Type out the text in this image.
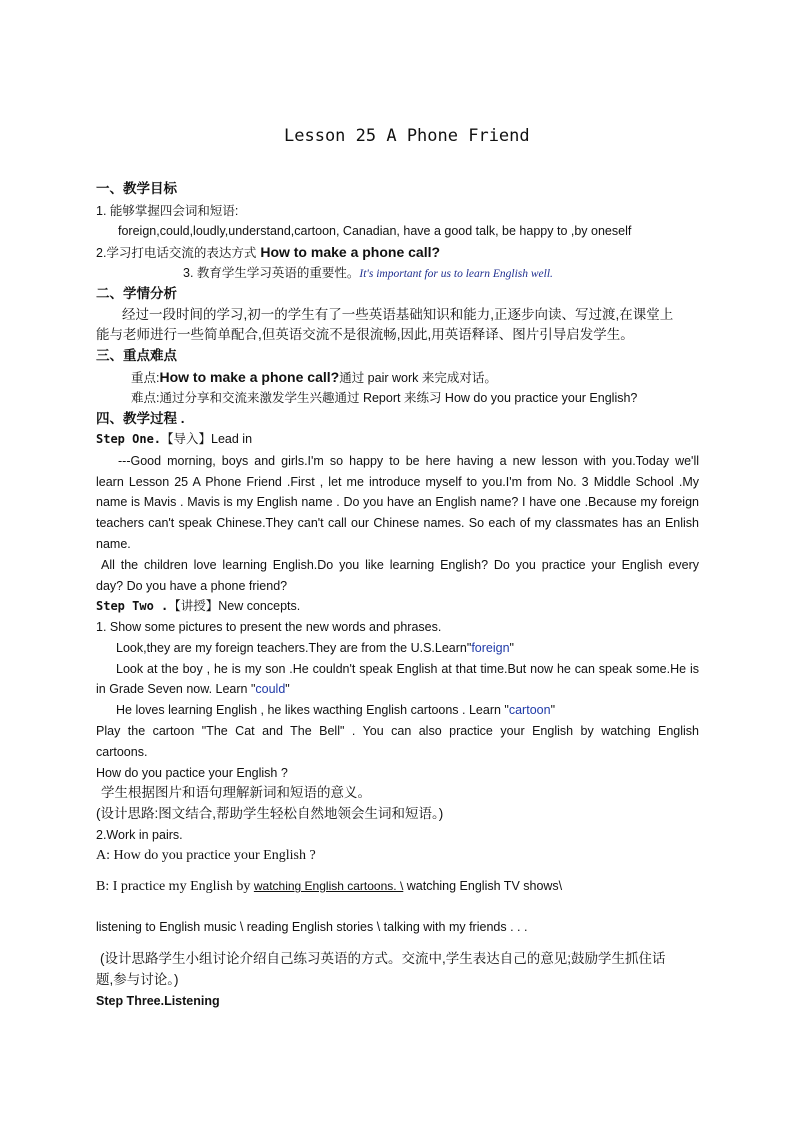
Lesson 25 A Phone Friend
一、教学目标
1. 能够掌握四会词和短语:
foreign,could,loudly,understand,cartoon, Canadian, have a good talk, be happy to ,by oneself
2.学习打电话交流的表达方式 How to make a phone call?
3. 教育学生学习英语的重要性。It's important for us to learn English well.
二、学情分析
经过一段时间的学习,初一的学生有了一些英语基础知识和能力,正逐步向读、写过渡,在课堂上
能与老师进行一些简单配合,但英语交流不是很流畅,因此,用英语释译、图片引导启发学生。
三、重点难点
重点:How to make a phone call?通过 pair work 来完成对话。
难点:通过分享和交流来激发学生兴趣通过 Report 来练习 How do you practice your English?
四、教学过程 .
Step One.【导入】Lead in
---Good morning, boys and girls.I'm so happy to be here having a new lesson with you.Today we'll
learn Lesson 25 A Phone Friend .First , let me introduce myself to you.I'm from No. 3 Middle School .My
name is Mavis . Mavis is my English name . Do you have an English name? I have one .Because my foreign
teachers can't speak Chinese.They can't call our Chinese names. So each of my classmates has an Enlish
name.
All the children love learning English.Do you like learning English? Do you practice your English every
day? Do you have a phone friend?
Step Two .【讲授】New concepts.
1. Show some pictures to present the new words and phrases.
Look,they are my foreign teachers.They are from the U.S.Learn"foreign"
Look at the boy , he is my son .He couldn't speak English at that time.But now he can speak some.He is
in Grade Seven now. Learn "could"
He loves learning English , he likes wacthing English cartoons . Learn "cartoon"
Play the cartoon "The Cat and The Bell" . You can also practice your English by watching English
cartoons.
How do you pactice your English ?
学生根据图片和语句理解新词和短语的意义。
(设计思路:图文结合,帮助学生轻松自然地领会生词和短语。)
2.Work in pairs.
A: How do you practice your English ?
B: I practice my English by watching English cartoons. \ watching English TV shows\
listening to English music \ reading English stories \ talking with my friends . . .
(设计思路学生小组讨论介绍自己练习英语的方式。交流中,学生表达自己的意见;鼓励学生抓住话
题,参与讨论。)
Step Three.Listening
